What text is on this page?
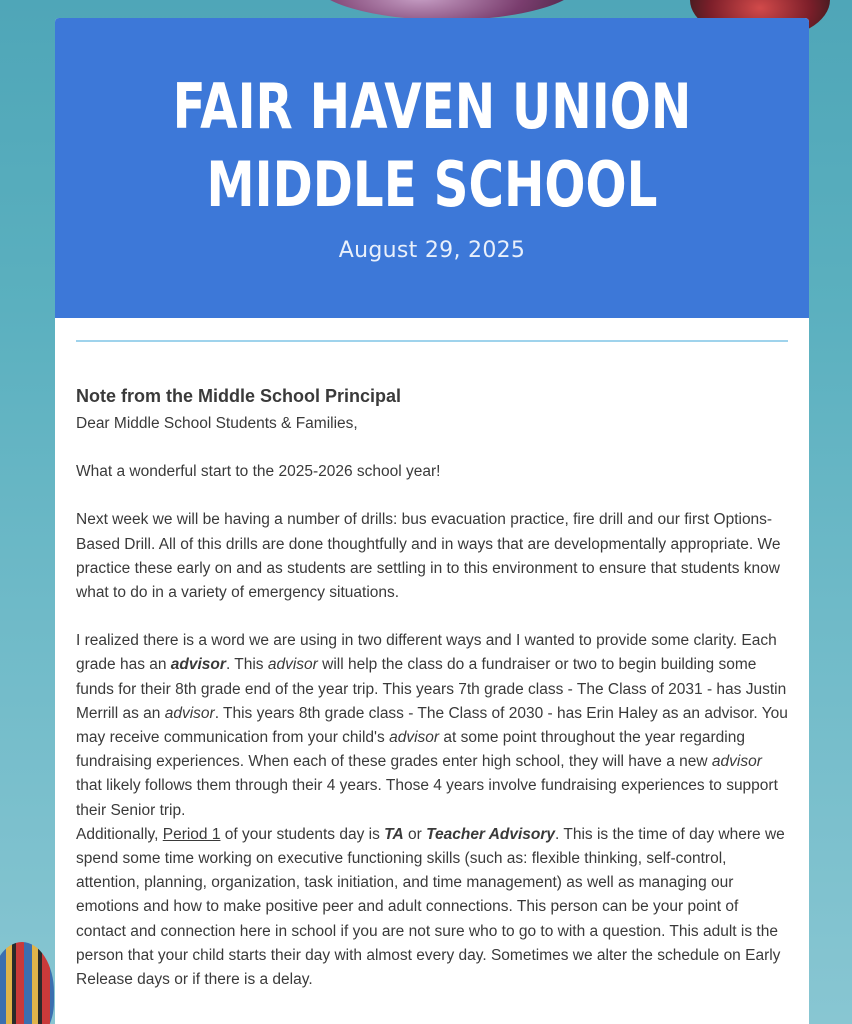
FAIR HAVEN UNION
MIDDLE SCHOOL
August 29, 2025
Note from the Middle School Principal

Dear Middle School Students & Families,

What a wonderful start to the 2025-2026 school year!

Next week we will be having a number of drills: bus evacuation practice, fire drill and our first Options-Based Drill. All of this drills are done thoughtfully and in ways that are developmentally appropriate. We practice these early on and as students are settling in to this environment to ensure that students know what to do in a variety of emergency situations.

I realized there is a word we are using in two different ways and I wanted to provide some clarity. Each grade has an advisor. This advisor will help the class do a fundraiser or two to begin building some funds for their 8th grade end of the year trip. This years 7th grade class - The Class of 2031 - has Justin Merrill as an advisor. This years 8th grade class - The Class of 2030 - has Erin Haley as an advisor. You may receive communication from your child's advisor at some point throughout the year regarding fundraising experiences. When each of these grades enter high school, they will have a new advisor that likely follows them through their 4 years. Those 4 years involve fundraising experiences to support their Senior trip.

Additionally, Period 1 of your students day is TA or Teacher Advisory. This is the time of day where we spend some time working on executive functioning skills (such as: flexible thinking, self-control, attention, planning, organization, task initiation, and time management) as well as managing our emotions and how to make positive peer and adult connections. This person can be your point of contact and connection here in school if you are not sure who to go to with a question. This adult is the person that your child starts their day with almost every day. Sometimes we alter the schedule on Early Release days or if there is a delay.
